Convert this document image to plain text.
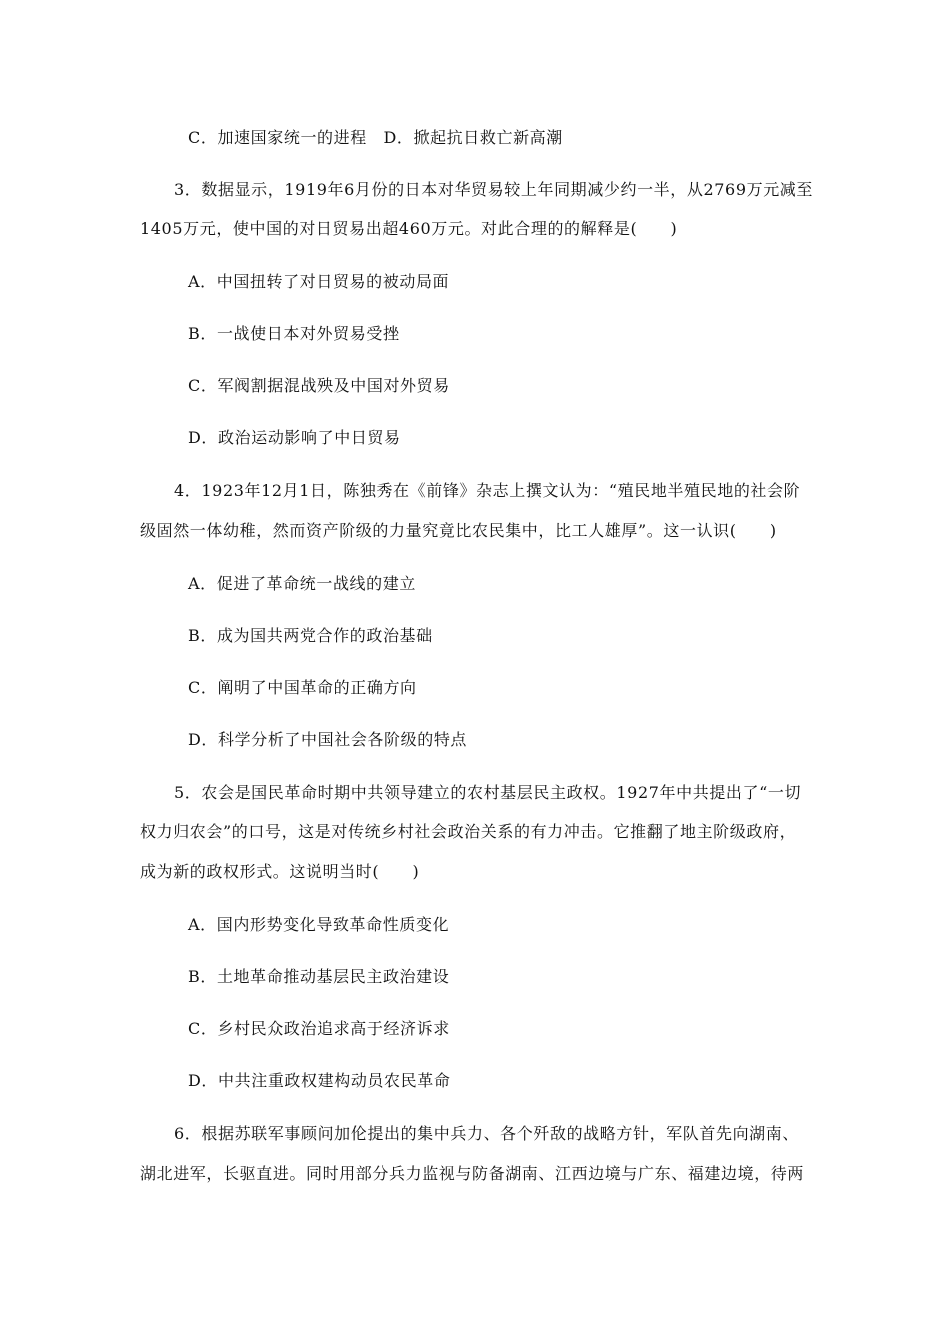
C．加速国家统一的进程　D．掀起抗日救亡新高潮
3．数据显示，1919年6月份的日本对华贸易较上年同期减少约一半，从2769万元减至
1405万元，使中国的对日贸易出超460万元。对此合理的的解释是(　　)
A．中国扭转了对日贸易的被动局面
B．一战使日本对外贸易受挫
C．军阀割据混战殃及中国对外贸易
D．政治运动影响了中日贸易
4．1923年12月1日，陈独秀在《前锋》杂志上撰文认为：“殖民地半殖民地的社会阶
级固然一体幼稚，然而资产阶级的力量究竟比农民集中，比工人雄厚”。这一认识(　　)
A．促进了革命统一战线的建立
B．成为国共两党合作的政治基础
C．阐明了中国革命的正确方向
D．科学分析了中国社会各阶级的特点
5．农会是国民革命时期中共领导建立的农村基层民主政权。1927年中共提出了“一切
权力归农会”的口号，这是对传统乡村社会政治关系的有力冲击。它推翻了地主阶级政府，
成为新的政权形式。这说明当时(　　)
A．国内形势变化导致革命性质变化
B．土地革命推动基层民主政治建设
C．乡村民众政治追求高于经济诉求
D．中共注重政权建构动员农民革命
6．根据苏联军事顾问加伦提出的集中兵力、各个歼敌的战略方针，军队首先向湖南、
湖北进军，长驱直进。同时用部分兵力监视与防备湖南、江西边境与广东、福建边境，待两
